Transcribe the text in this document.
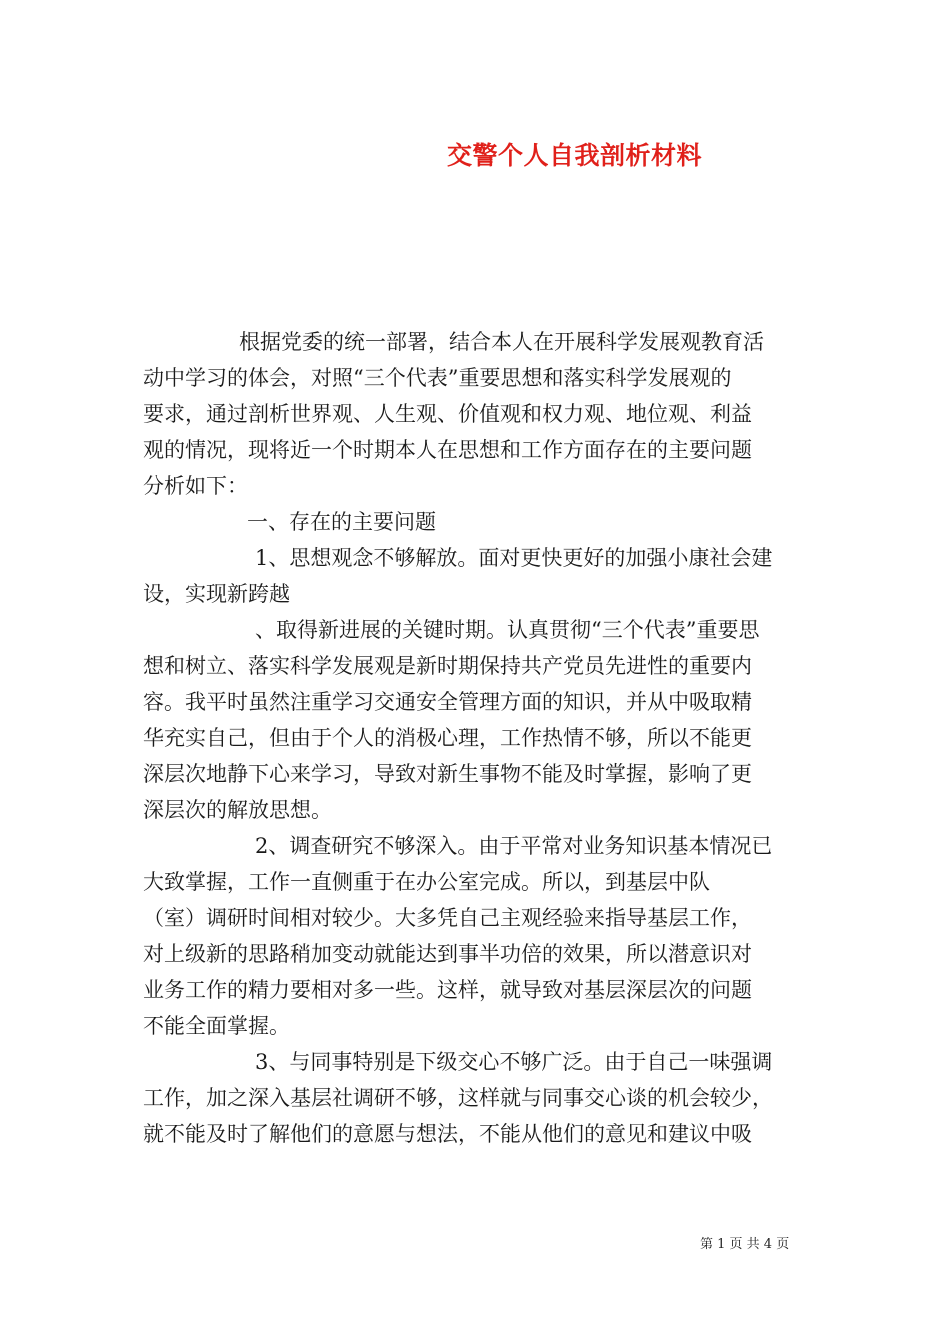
交警个人自我剖析材料
根据党委的统一部署，结合本人在开展科学发展观教育活
动中学习的体会，对照“三个代表”重要思想和落实科学发展观的
要求，通过剖析世界观、人生观、价值观和权力观、地位观、利益
观的情况，现将近一个时期本人在思想和工作方面存在的主要问题
分析如下：
一、存在的主要问题
1、思想观念不够解放。面对更快更好的加强小康社会建
设，实现新跨越
、取得新进展的关键时期。认真贯彻“三个代表”重要思
想和树立、落实科学发展观是新时期保持共产党员先进性的重要内
容。我平时虽然注重学习交通安全管理方面的知识，并从中吸取精
华充实自己，但由于个人的消极心理，工作热情不够，所以不能更
深层次地静下心来学习，导致对新生事物不能及时掌握，影响了更
深层次的解放思想。
2、调查研究不够深入。由于平常对业务知识基本情况已
大致掌握，工作一直侧重于在办公室完成。所以，到基层中队
（室）调研时间相对较少。大多凭自己主观经验来指导基层工作，
对上级新的思路稍加变动就能达到事半功倍的效果，所以潜意识对
业务工作的精力要相对多一些。这样，就导致对基层深层次的问题
不能全面掌握。
3、与同事特别是下级交心不够广泛。由于自己一味强调
工作，加之深入基层社调研不够，这样就与同事交心谈的机会较少，
就不能及时了解他们的意愿与想法，不能从他们的意见和建议中吸
第 1 页 共 4 页
